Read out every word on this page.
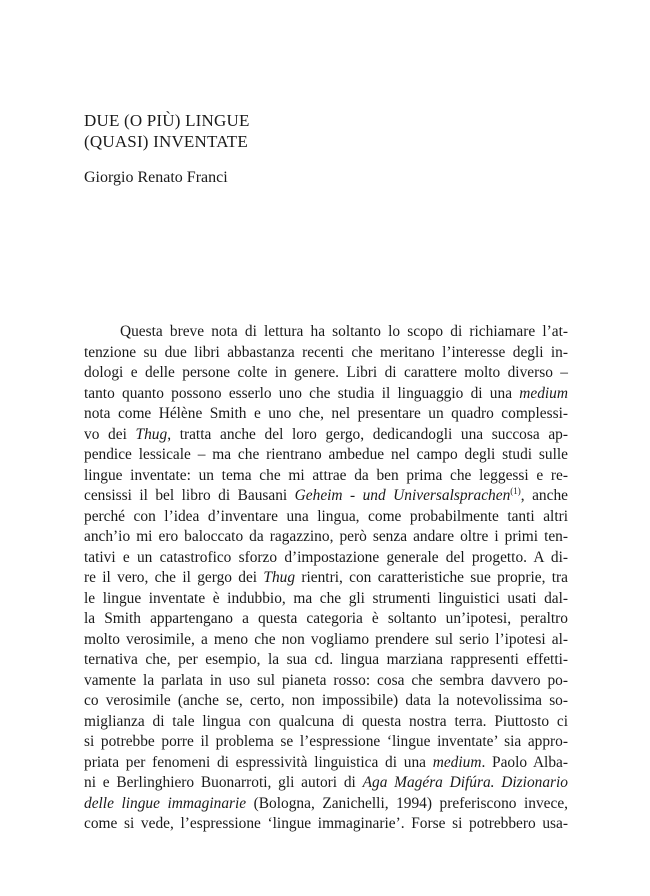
DUE (O PIÙ) LINGUE
(QUASI) INVENTATE
Giorgio Renato Franci
Questa breve nota di lettura ha soltanto lo scopo di richiamare l’at-
tenzione su due libri abbastanza recenti che meritano l’interesse degli in-
dologi e delle persone colte in genere. Libri di carattere molto diverso –
tanto quanto possono esserlo uno che studia il linguaggio di una medium
nota come Hélène Smith e uno che, nel presentare un quadro complessi-
vo dei Thug, tratta anche del loro gergo, dedicandogli una succosa ap-
pendice lessicale – ma che rientrano ambedue nel campo degli studi sulle
lingue inventate: un tema che mi attrae da ben prima che leggessi e re-
censissi il bel libro di Bausani Geheim - und Universalsprachen$^{(1)}$, anche
perché con l’idea d’inventare una lingua, come probabilmente tanti altri
anch’io mi ero baloccato da ragazzino, però senza andare oltre i primi ten-
tativi e un catastrofico sforzo d’impostazione generale del progetto. A di-
re il vero, che il gergo dei Thug rientri, con caratteristiche sue proprie, tra
le lingue inventate è indubbio, ma che gli strumenti linguistici usati dal-
la Smith appartengano a questa categoria è soltanto un’ipotesi, peraltro
molto verosimile, a meno che non vogliamo prendere sul serio l’ipotesi al-
ternativa che, per esempio, la sua cd. lingua marziana rappresenti effetti-
vamente la parlata in uso sul pianeta rosso: cosa che sembra davvero po-
co verosimile (anche se, certo, non impossibile) data la notevolissima so-
miglianza di tale lingua con qualcuna di questa nostra terra. Piuttosto ci
si potrebbe porre il problema se l’espressione ‘lingue inventate’ sia appro-
priata per fenomeni di espressività linguistica di una medium. Paolo Alba-
ni e Berlinghiero Buonarroti, gli autori di Aga Magéra Difúra. Dizionario
delle lingue immaginarie (Bologna, Zanichelli, 1994) preferiscono invece,
come si vede, l’espressione ‘lingue immaginarie’. Forse si potrebbero usa-
